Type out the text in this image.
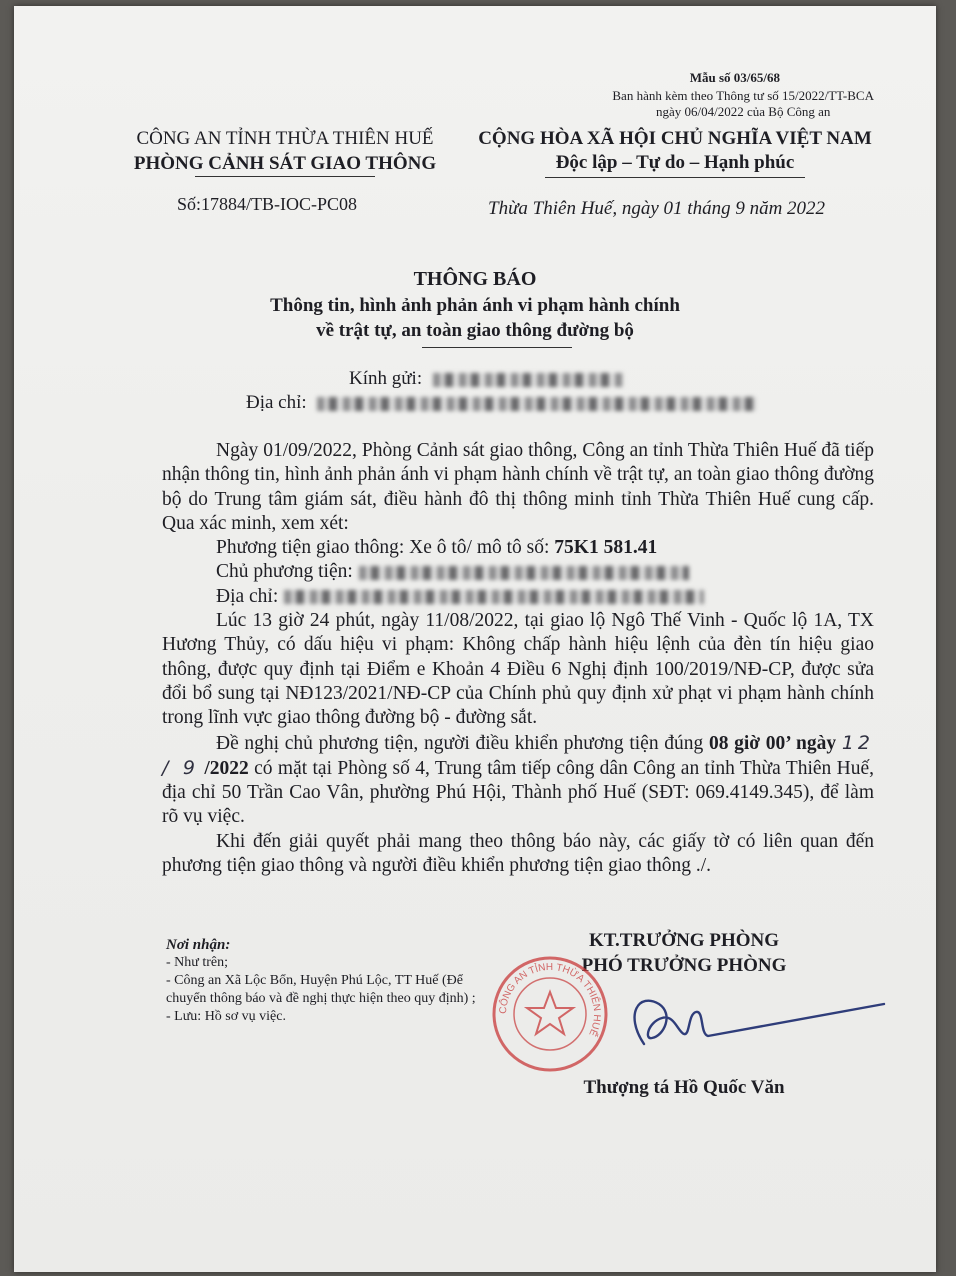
Mẫu số 03/65/68
Ban hành kèm theo Thông tư số 15/2022/TT-BCA
ngày 06/04/2022 của Bộ Công an
CÔNG AN TỈNH THỪA THIÊN HUẾ
PHÒNG CẢNH SÁT GIAO THÔNG
CỘNG HÒA XÃ HỘI CHỦ NGHĨA VIỆT NAM
Độc lập – Tự do – Hạnh phúc
Số:17884/TB-IOC-PC08	Thừa Thiên Huế, ngày 01 tháng 9 năm 2022
THÔNG BÁO
Thông tin, hình ảnh phản ánh vi phạm hành chính
về trật tự, an toàn giao thông đường bộ
Kính gửi:
Địa chỉ:

Ngày 01/09/2022, Phòng Cảnh sát giao thông, Công an tỉnh Thừa Thiên Huế đã tiếp nhận thông tin, hình ảnh phản ánh vi phạm hành chính về trật tự, an toàn giao thông đường bộ do Trung tâm giám sát, điều hành đô thị thông minh tỉnh Thừa Thiên Huế cung cấp. Qua xác minh, xem xét:

Phương tiện giao thông: Xe ô tô/ mô tô số: 75K1 581.41

Chủ phương tiện:

Địa chỉ:

Lúc 13 giờ 24 phút, ngày 11/08/2022, tại giao lộ Ngô Thế Vinh - Quốc lộ 1A, TX Hương Thủy, có dấu hiệu vi phạm: Không chấp hành hiệu lệnh của đèn tín hiệu giao thông, được quy định tại Điểm e Khoản 4 Điều 6 Nghị định 100/2019/NĐ-CP, được sửa đổi bổ sung tại NĐ123/2021/NĐ-CP của Chính phủ quy định xử phạt vi phạm hành chính trong lĩnh vực giao thông đường bộ - đường sắt.

Đề nghị chủ phương tiện, người điều khiển phương tiện đúng 08 giờ 00’ ngày 12 / 9 /2022 có mặt tại Phòng số 4, Trung tâm tiếp công dân Công an tỉnh Thừa Thiên Huế, địa chỉ 50 Trần Cao Vân, phường Phú Hội, Thành phố Huế (SĐT: 069.4149.345), để làm rõ vụ việc.

Khi đến giải quyết phải mang theo thông báo này, các giấy tờ có liên quan đến phương tiện giao thông và người điều khiển phương tiện giao thông ./.

Nơi nhận:
- Như trên;
- Công an Xã Lộc Bổn, Huyện Phú Lộc, TT Huế (Để chuyển thông báo và đề nghị thực hiện theo quy định) ;
- Lưu: Hồ sơ vụ việc.
KT.TRƯỞNG PHÒNG
PHÓ TRƯỞNG PHÒNG
CÔNG AN TỈNH THỪA THIÊN HUẾ
Thượng tá Hồ Quốc Văn
